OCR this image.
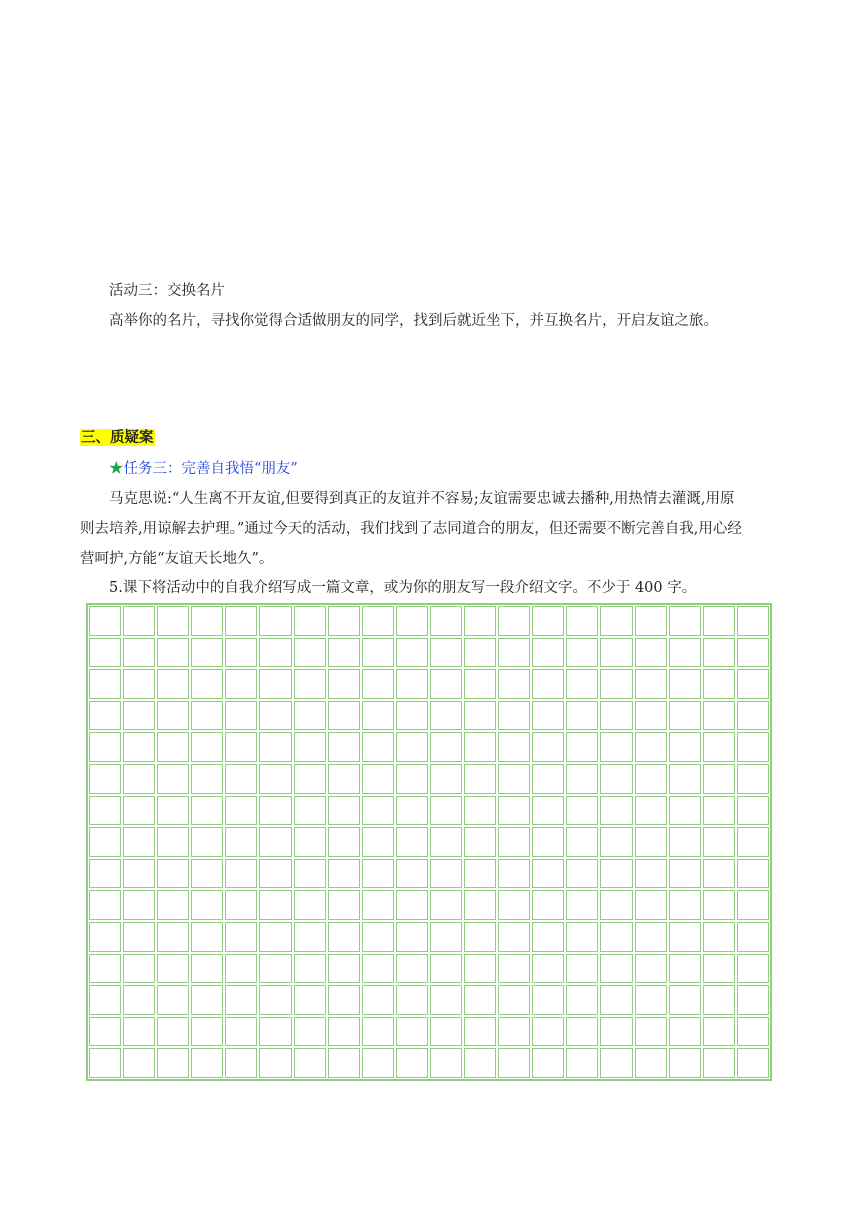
活动三：交换名片
高举你的名片，寻找你觉得合适做朋友的同学，找到后就近坐下，并互换名片，开启友谊之旅。
三、质疑案
★任务三：完善自我悟“朋友”
马克思说:“人生离不开友谊,但要得到真正的友谊并不容易;友谊需要忠诚去播种,用热情去灌溉,用原
则去培养,用谅解去护理。”通过今天的活动，我们找到了志同道合的朋友，但还需要不断完善自我,用心经
营呵护,方能“友谊天长地久”。
5.课下将活动中的自我介绍写成一篇文章，或为你的朋友写一段介绍文字。不少于 400 字。
